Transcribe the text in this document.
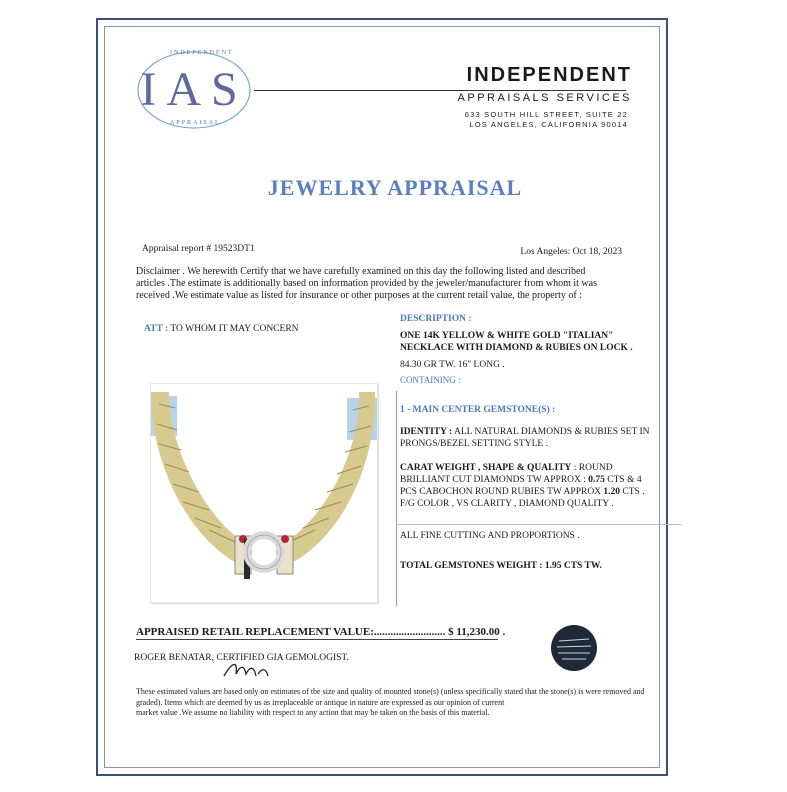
IAS
INDEPENDENT
APPRAISAL
INDEPENDENT
APPRAISALS SERVICES
633 SOUTH HILL STREET, SUITE 22
LOS ANGELES, CALIFORNIA 90014
JEWELRY APPRAISAL
Appraisal report # 19523DT1	Los Angeles: Oct 18, 2023
Disclaimer . We herewith Certify that we have carefully examined on this day the following listed and described
articles .The estimate is additionally based on information provided by the jeweler/manufacturer from whom it was
received .We estimate value as listed for insurance or other purposes at the current retail value, the property of :
ATT : TO WHOM IT MAY CONCERN
DESCRIPTION :
ONE 14K YELLOW & WHITE GOLD "ITALIAN"
NECKLACE WITH DIAMOND & RUBIES ON LOCK .
84.30 GR TW. 16" LONG .
CONTAINING :
1 - MAIN CENTER GEMSTONE(S) :
IDENTITY : ALL NATURAL DIAMONDS & RUBIES SET IN
PRONGS/BEZEL SETTING STYLE .
CARAT WEIGHT , SHAPE & QUALITY : ROUND
BRILLIANT CUT DIAMONDS TW APPROX : 0.75 CTS & 4
PCS CABOCHON ROUND RUBIES TW APPROX 1.20 CTS .
F/G COLOR , VS CLARITY , DIAMOND QUALITY .
ALL FINE CUTTING AND PROPORTIONS .
TOTAL GEMSTONES WEIGHT : 1.95 CTS TW.
APPRAISED RETAIL REPLACEMENT VALUE:.......................... $ 11,230.00 .
ROGER BENATAR, CERTIFIED GIA GEMOLOGIST.
These estimated values are based only on estimates of the size and quality of mounted stone(s) (unless specifically stated that the stone(s) is were removed and
graded). Items which are deemed by us as irreplaceable or antique in nature are expressed as our opinion of current
market value .We assume no liability with respect to any action that may be taken on the basis of this material.
